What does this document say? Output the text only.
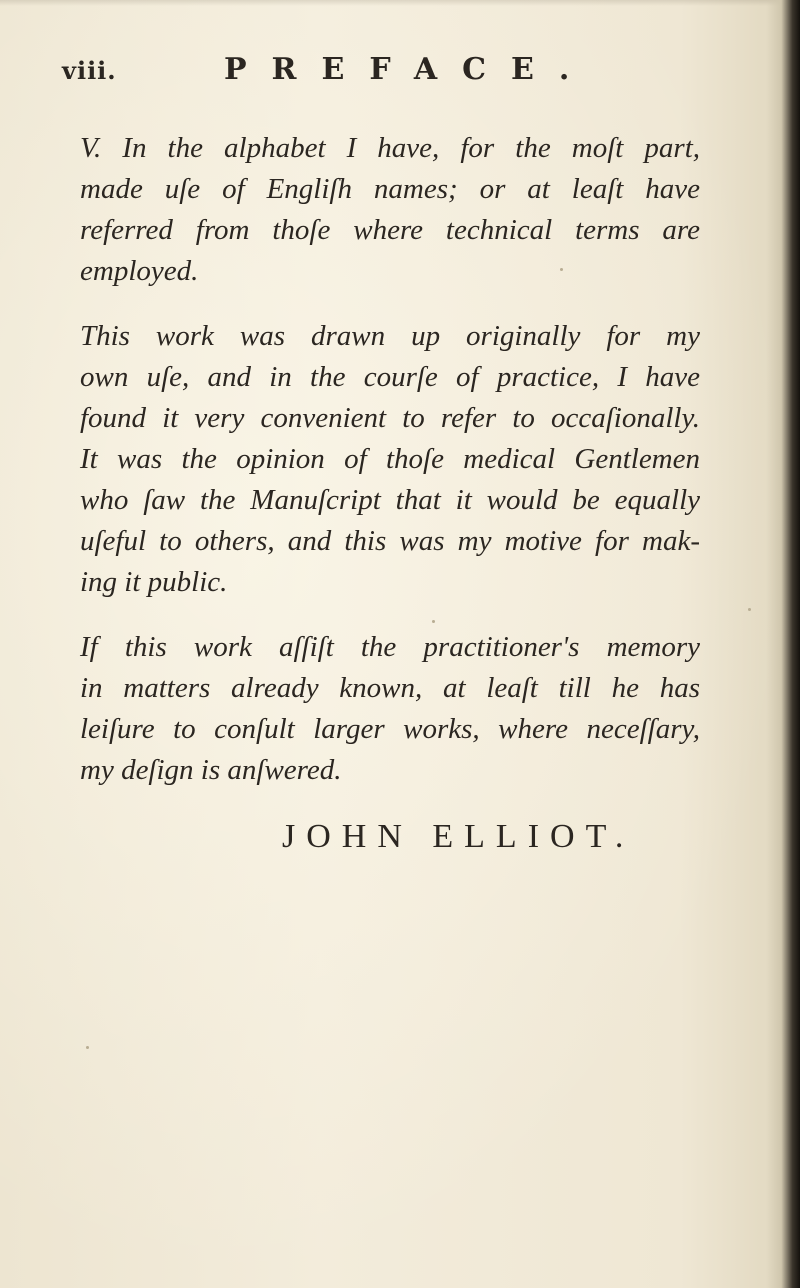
viii.	PREFACE.
V. In the alphabet I have, for the moſt part,
made uſe of Engliſh names; or at leaſt have
referred from thoſe where technical terms are
employed.
This work was drawn up originally for my
own uſe, and in the courſe of practice, I have
found it very convenient to refer to occaſionally.
It was the opinion of thoſe medical Gentlemen
who ſaw the Manuſcript that it would be equally
uſeful to others, and this was my motive for mak-
ing it public.
If this work aſſiſt the practitioner's memory
in matters already known, at leaſt till he has
leiſure to conſult larger works, where neceſſary,
my deſign is anſwered.
JOHN ELLIOT.
